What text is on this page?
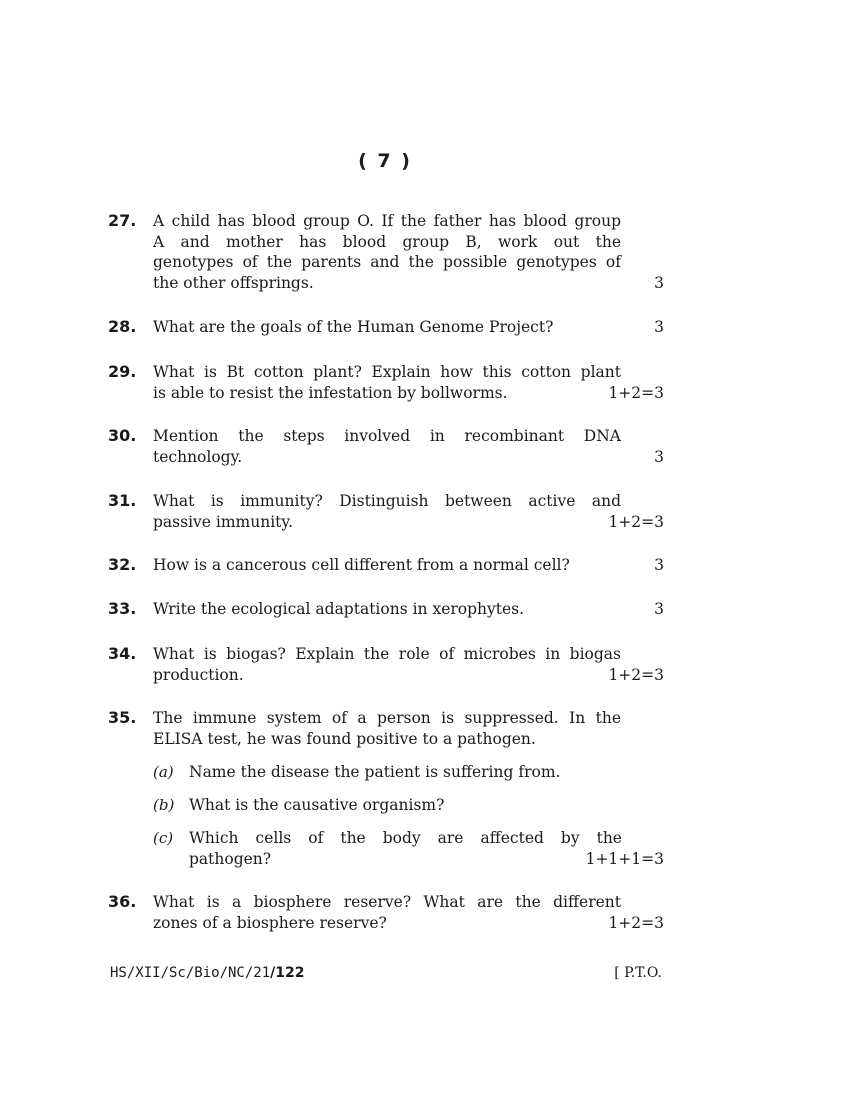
( 7 )
27. A child has blood group O. If the father has blood group
A and mother has blood group B, work out the
genotypes of the parents and the possible genotypes of
the other offsprings.	3
28. What are the goals of the Human Genome Project?	3
29. What is Bt cotton plant? Explain how this cotton plant
is able to resist the infestation by bollworms.	1+2=3
30. Mention the steps involved in recombinant DNA
technology.	3
31. What is immunity? Distinguish between active and
passive immunity.	1+2=3
32. How is a cancerous cell different from a normal cell?	3
33. Write the ecological adaptations in xerophytes.	3
34. What is biogas? Explain the role of microbes in biogas
production.	1+2=3
35. The immune system of a person is suppressed. In the
ELISA test, he was found positive to a pathogen.
36. What is a biosphere reserve? What are the different
zones of a biosphere reserve?	1+2=3
(a) Name the disease the patient is suffering from.
(b) What is the causative organism?
(c) Which cells of the body are affected by the
pathogen?	1+1+1=3
HS/XII/Sc/Bio/NC/21/122	[ P.T.O.
